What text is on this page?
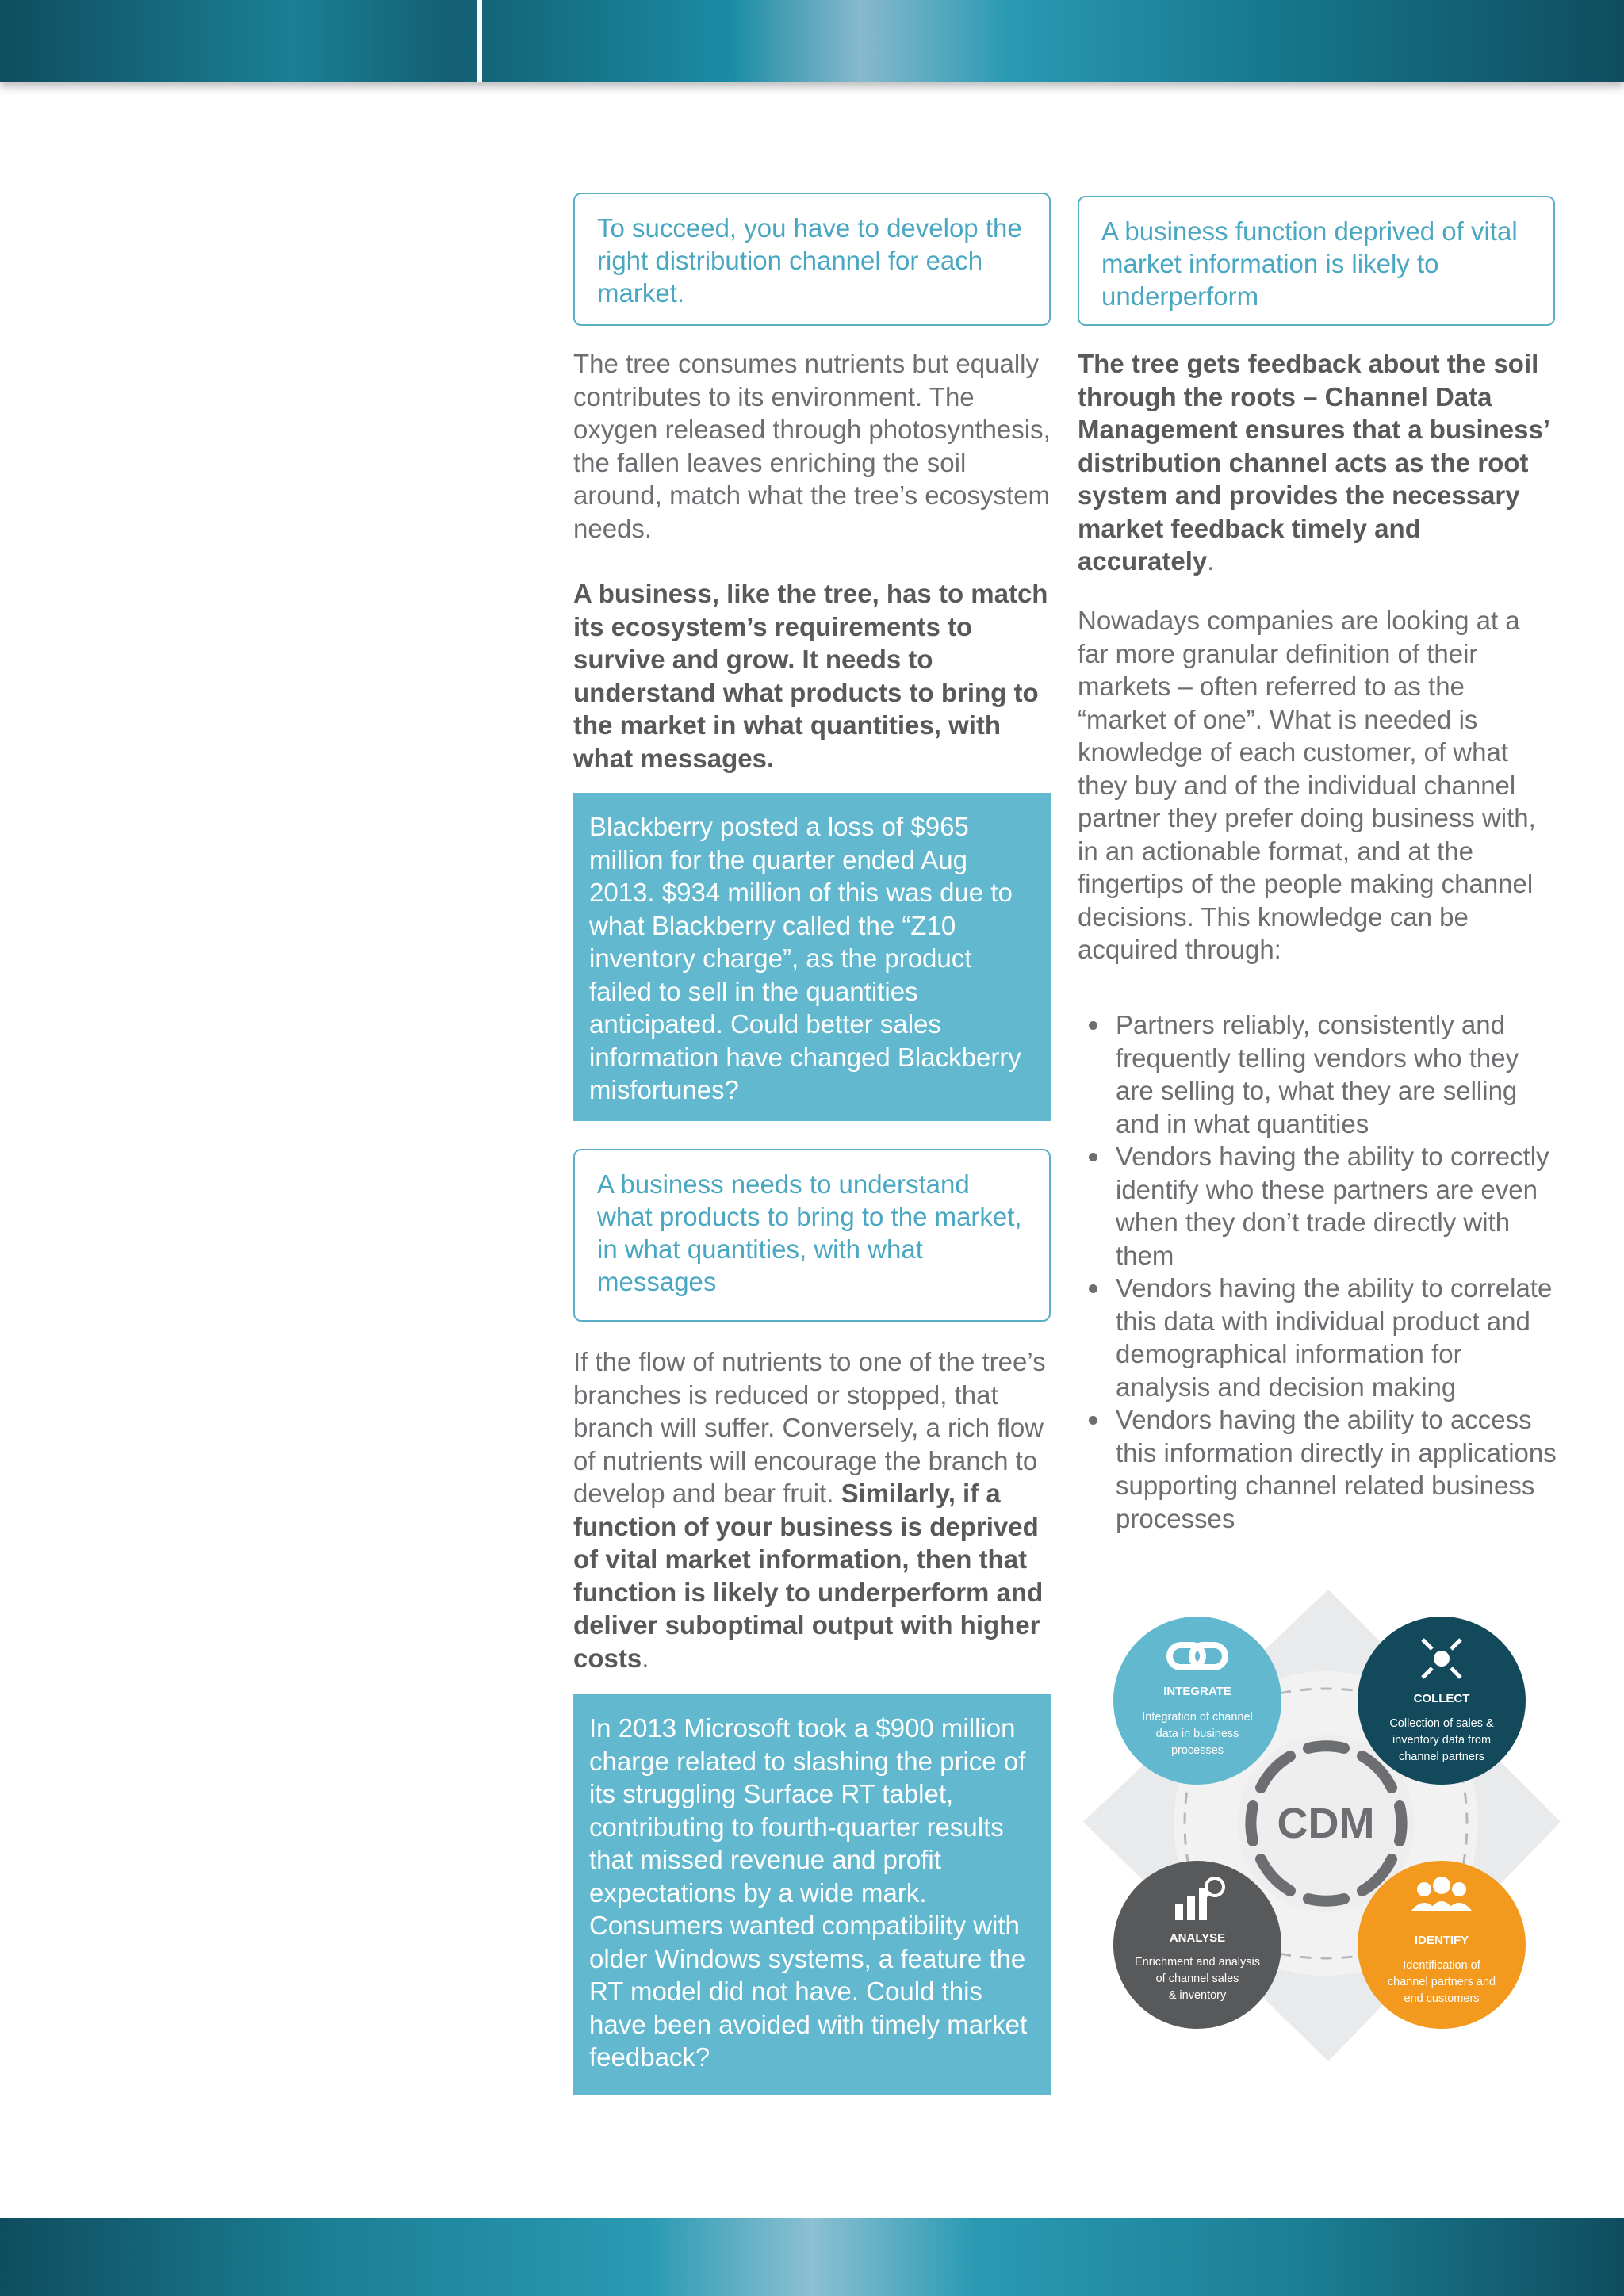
To succeed, you have to develop the right distribution channel for each market.

The tree consumes nutrients but equally contributes to its environment. The oxygen released through photosynthesis, the fallen leaves enriching the soil around, match what the tree’s ecosystem needs.

A business, like the tree, has to match its ecosystem’s requirements to survive and grow. It needs to understand what products to bring to the market in what quantities, with what messages.

Blackberry posted a loss of $965 million for the quarter ended Aug 2013. $934 million of this was due to what Blackberry called the “Z10 inventory charge”, as the product failed to sell in the quantities anticipated. Could better sales information have changed Blackberry misfortunes?
A business needs to understand what products to bring to the market, in what quantities, with what messages

If the flow of nutrients to one of the tree’s branches is reduced or stopped, that branch will suffer. Conversely, a rich flow of nutrients will encourage the branch to develop and bear fruit. Similarly, if a function of your business is deprived of vital market information, then that function is likely to underperform and deliver suboptimal output with higher costs.

In 2013 Microsoft took a $900 million charge related to slashing the price of its struggling Surface RT tablet, contributing to fourth-quarter results that missed revenue and profit expectations by a wide mark. Consumers wanted compatibility with older Windows systems, a feature the RT model did not have. Could this have been avoided with timely market feedback?
A business function deprived of vital market information is likely to underperform

The tree gets feedback about the soil through the roots – Channel Data Management ensures that a business’ distribution channel acts as the root system and provides the necessary market feedback timely and accurately.

Nowadays companies are looking at a far more granular definition of their markets – often referred to as the “market of one”. What is needed is knowledge of each customer, of what they buy and of the individual channel partner they prefer doing business with, in an actionable format, and at the fingertips of the people making channel decisions. This knowledge can be acquired through:

Partners reliably, consistently and frequently telling vendors who they are selling to, what they are selling and in what quantities
Vendors having the ability to correctly identify who these partners are even when they don’t trade directly with them
Vendors having the ability to correlate this data with individual product and demographical information for analysis and decision making
Vendors having the ability to access this information directly in applications supporting channel related business processes
CDM
INTEGRATE
Integration of channel
data in business
processes
COLLECT
Collection of sales &
inventory data from
channel partners
ANALYSE
Enrichment and analysis
of channel sales
& inventory
IDENTIFY
Identification of
channel partners and
end customers
